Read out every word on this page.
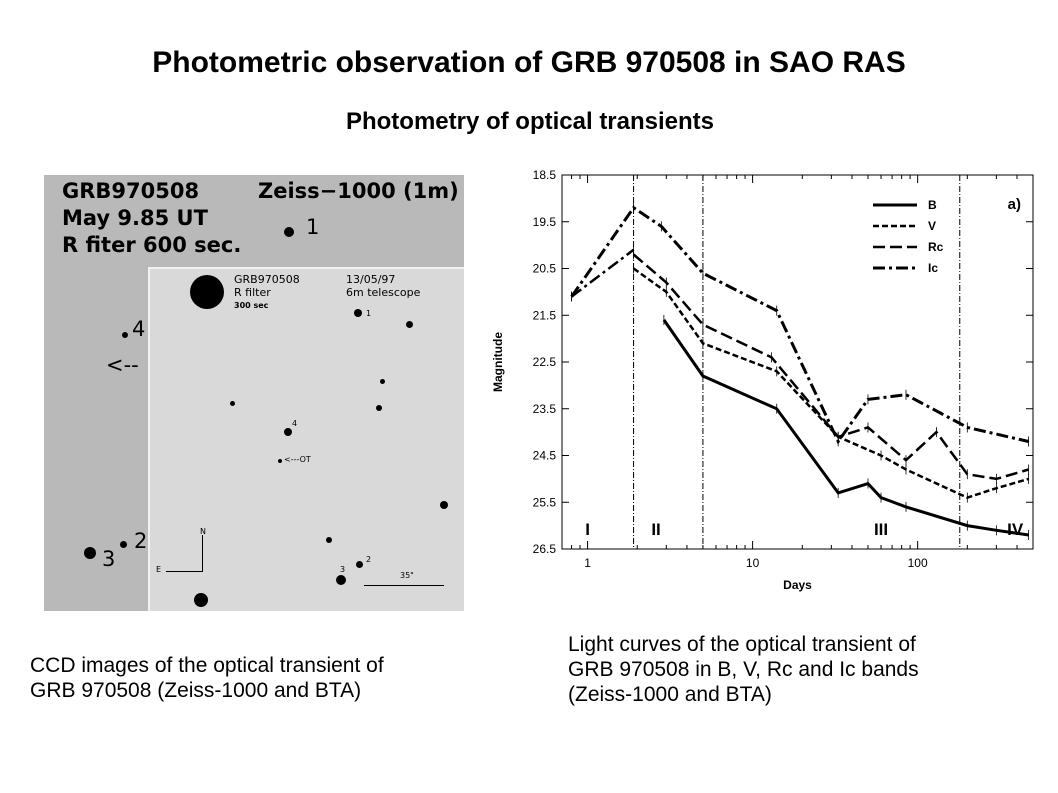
Photometric observation of GRB 970508 in SAO RAS
Photometry of optical transients
GRB970508	Zeiss−1000 (1m)
May 9.85 UT
R fiter 600 sec.
1
4
<--
2
3
GRB970508	13/05/97
R filter	6m telescope
300 sec
1
4
<---OT
N
E
2
3
35"
CCD images of the optical transient of
GRB 970508 (Zeiss-1000 and BTA)
Light curves of the optical transient of
GRB 970508 in B, V, Rc and Ic bands
(Zeiss-1000 and BTA)
18.5
19.5
20.5
21.5
22.5
23.5
24.5
25.5
26.5
1	10	100
Days
Magnitude
I	II	III	IV
a)
B
V
Rc
Ic
